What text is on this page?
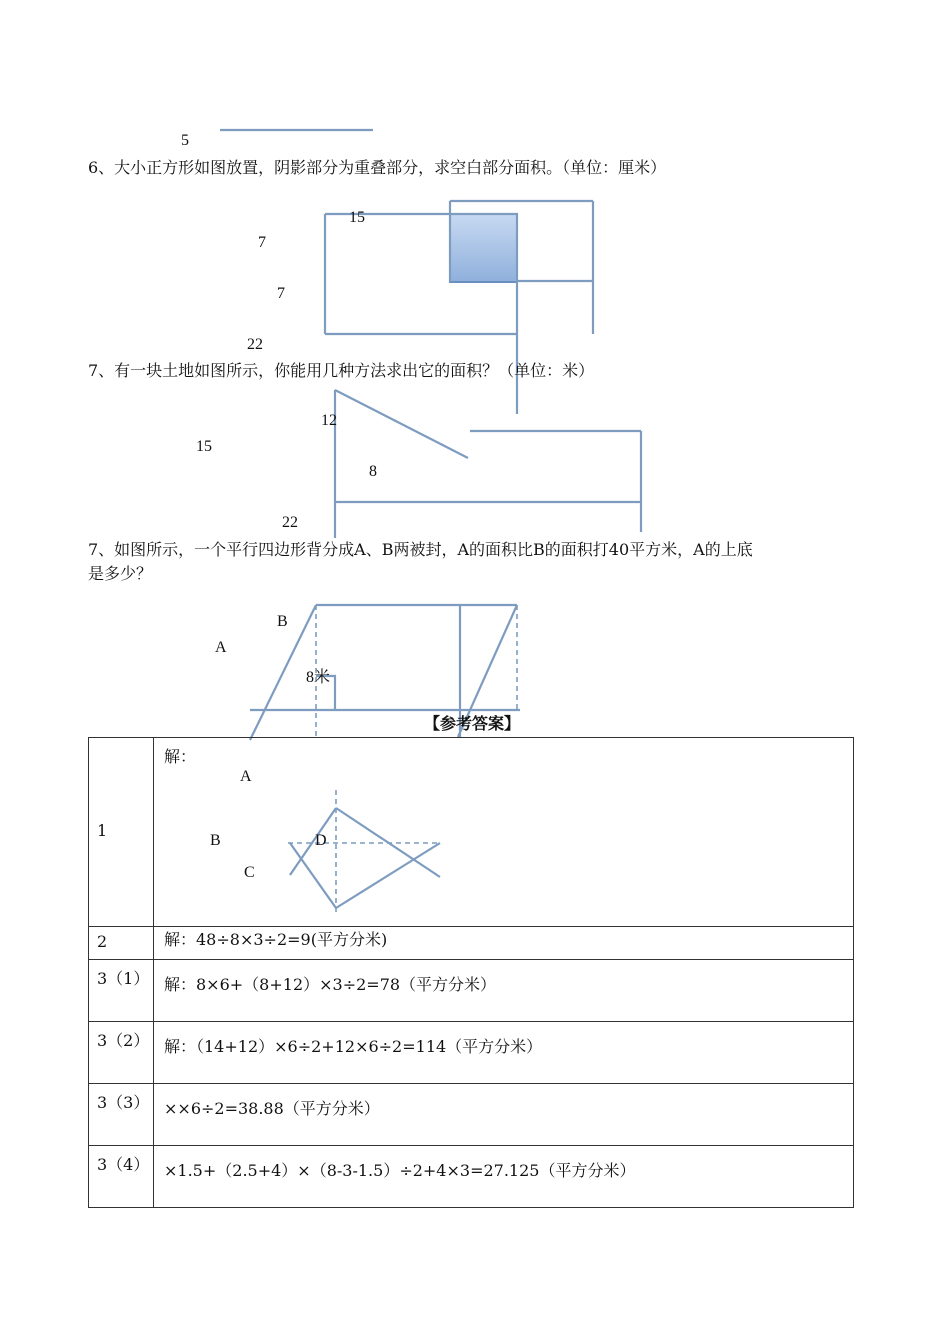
5
6、大小正方形如图放置，阴影部分为重叠部分，求空白部分面积。（单位：厘米）
15
7
7
22
7、有一块土地如图所示，你能用几种方法求出它的面积？（单位：米）
12
15
8
22
7、如图所示，一个平行四边形背分成A、B两被封，A的面积比B的面积打40平方米，A的上底
是多少？
B
A
8米
【参考答案】
1	解：
2	解：48÷8×3÷2=9(平方分米)
3（1）	解：8×6+（8+12）×3÷2=78（平方分米）
3（2）	解：（14+12）×6÷2+12×6÷2=114（平方分米）
3（3）	××6÷2=38.88（平方分米）
3（4）	×1.5+（2.5+4）×（8-3-1.5）÷2+4×3=27.125（平方分米）
A
B	D
C
